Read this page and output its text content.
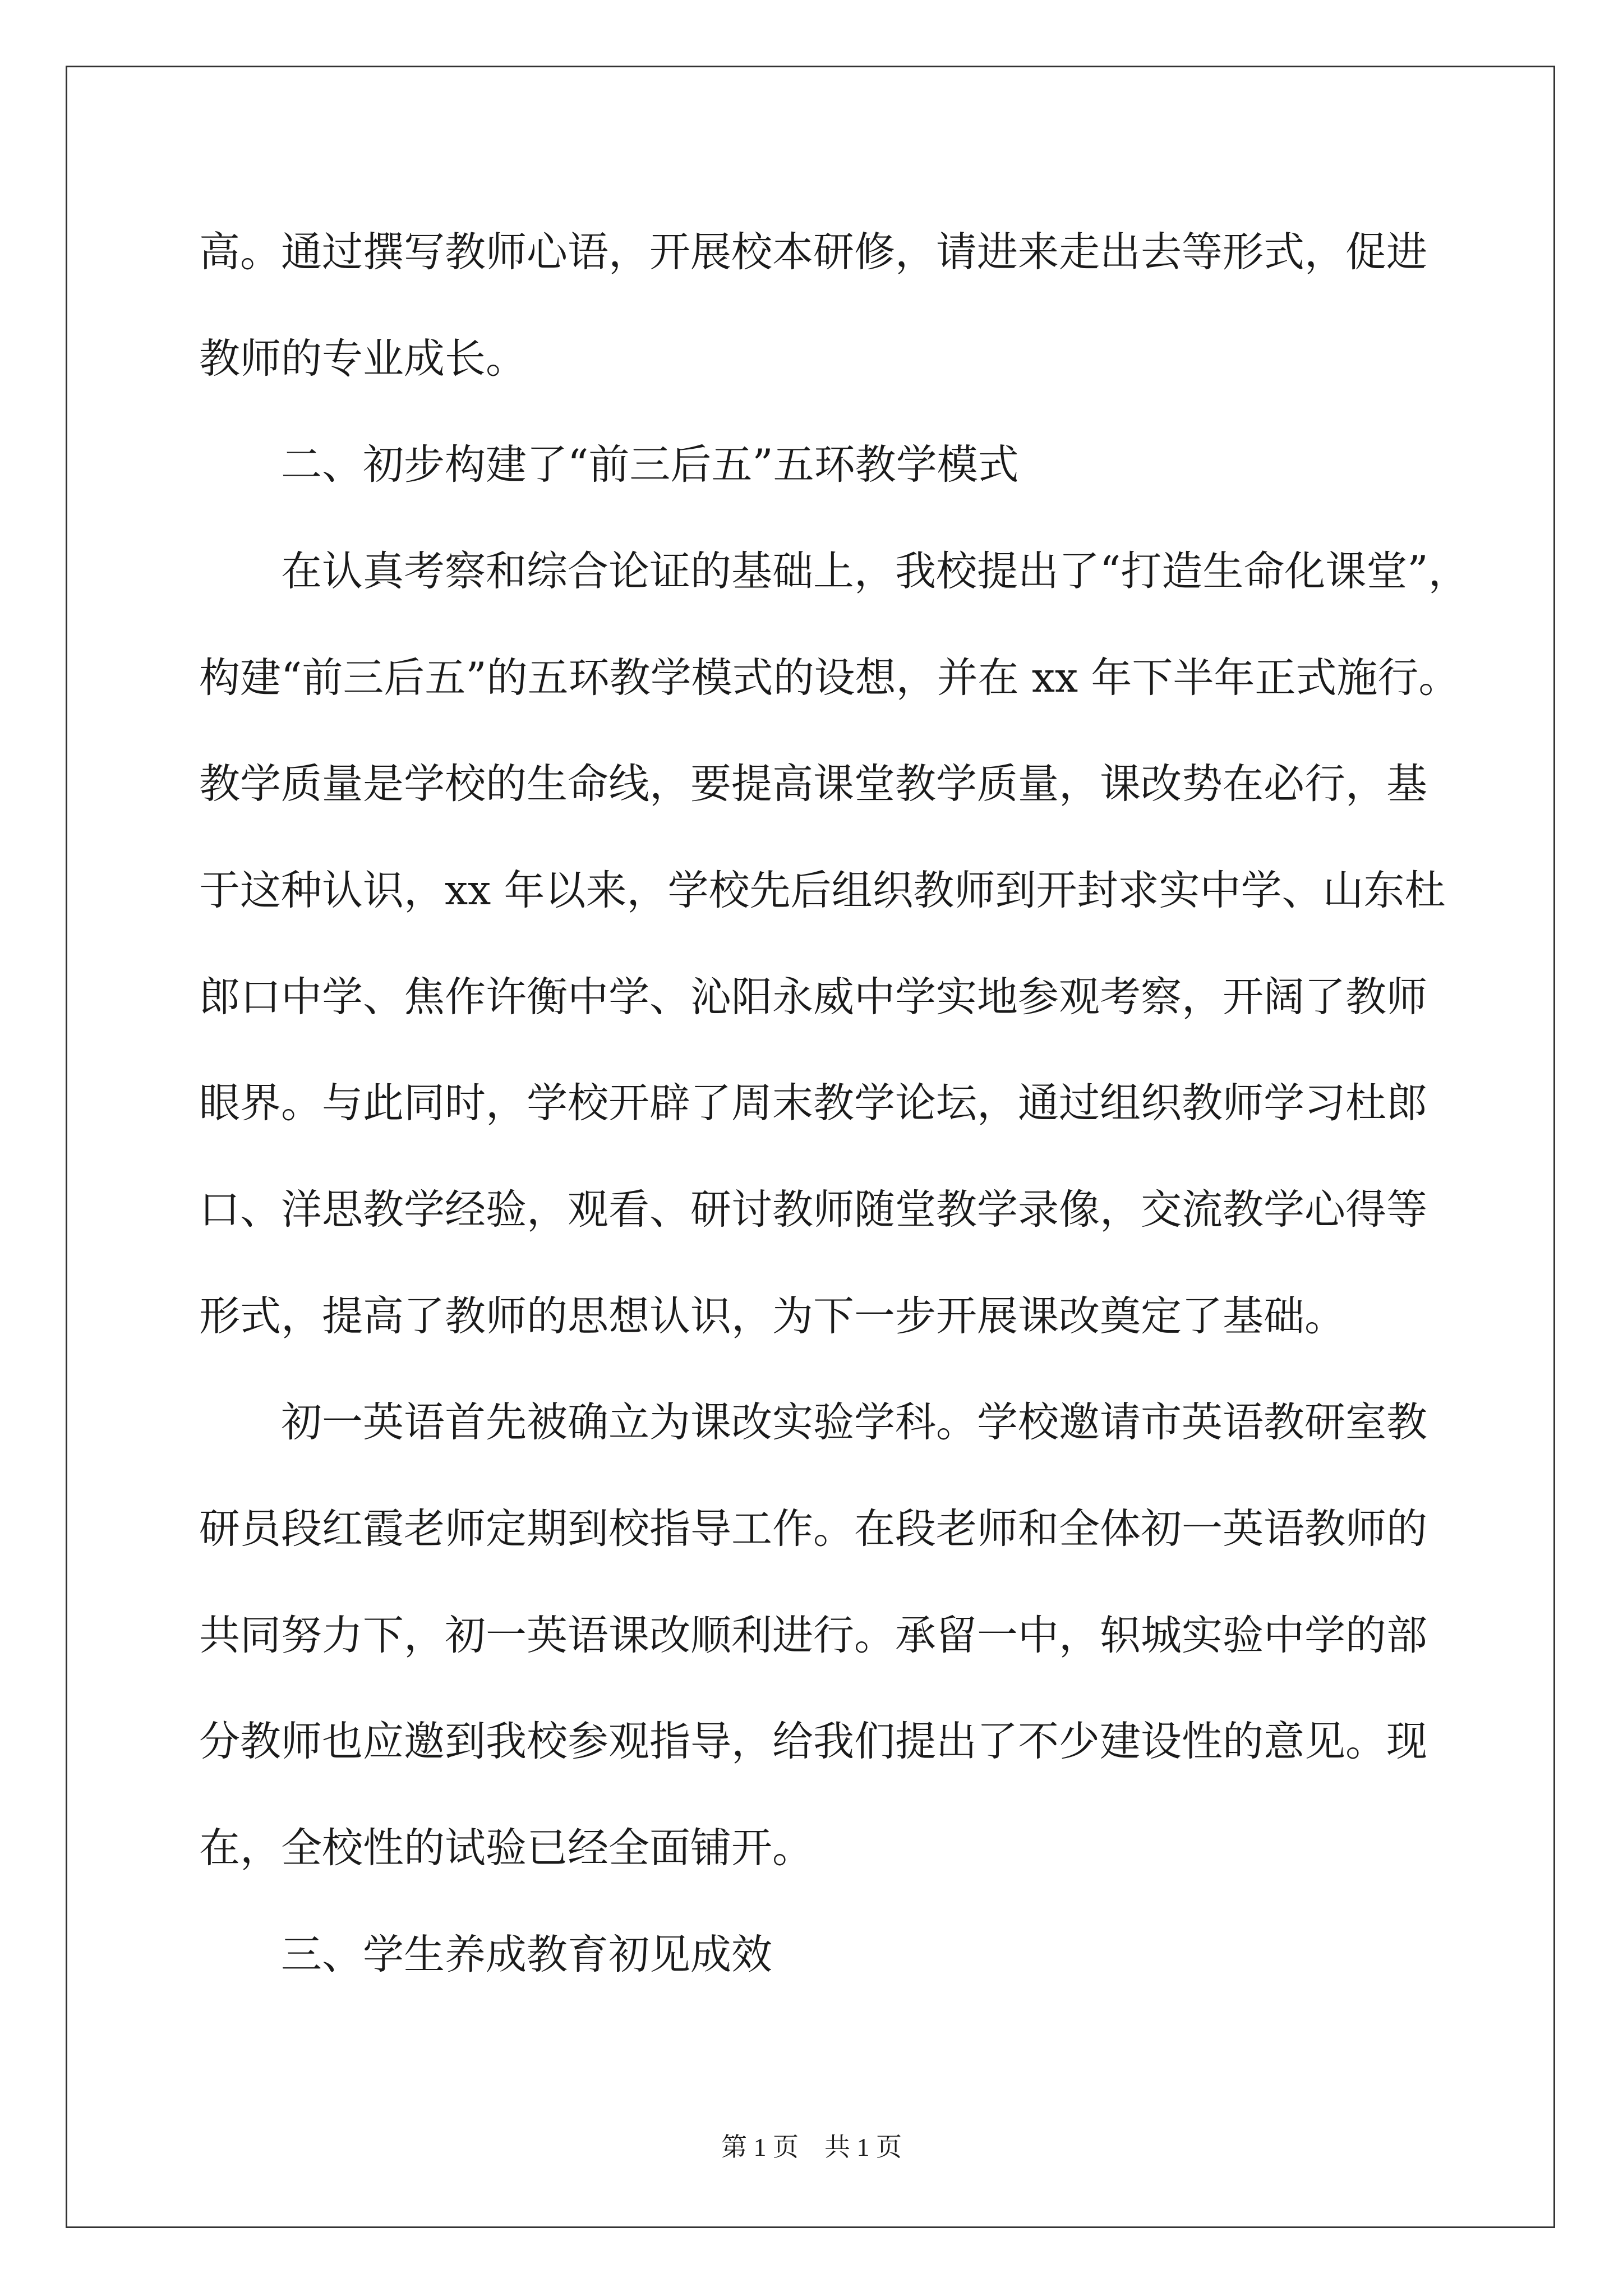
高。通过撰写教师心语，开展校本研修，请进来走出去等形式，促进

教师的专业成长。

　　二、初步构建了“前三后五”五环教学模式

　　在认真考察和综合论证的基础上，我校提出了“打造生命化课堂”，

构建“前三后五”的五环教学模式的设想，并在 xx 年下半年正式施行。

教学质量是学校的生命线，要提高课堂教学质量，课改势在必行，基

于这种认识，xx 年以来，学校先后组织教师到开封求实中学、山东杜

郎口中学、焦作许衡中学、沁阳永威中学实地参观考察，开阔了教师

眼界。与此同时，学校开辟了周末教学论坛，通过组织教师学习杜郎

口、洋思教学经验，观看、研讨教师随堂教学录像，交流教学心得等

形式，提高了教师的思想认识，为下一步开展课改奠定了基础。

　　初一英语首先被确立为课改实验学科。学校邀请市英语教研室教

研员段红霞老师定期到校指导工作。在段老师和全体初一英语教师的

共同努力下，初一英语课改顺利进行。承留一中，轵城实验中学的部

分教师也应邀到我校参观指导，给我们提出了不少建设性的意见。现

在，全校性的试验已经全面铺开。

　　三、学生养成教育初见成效

第 1 页　共 1 页
